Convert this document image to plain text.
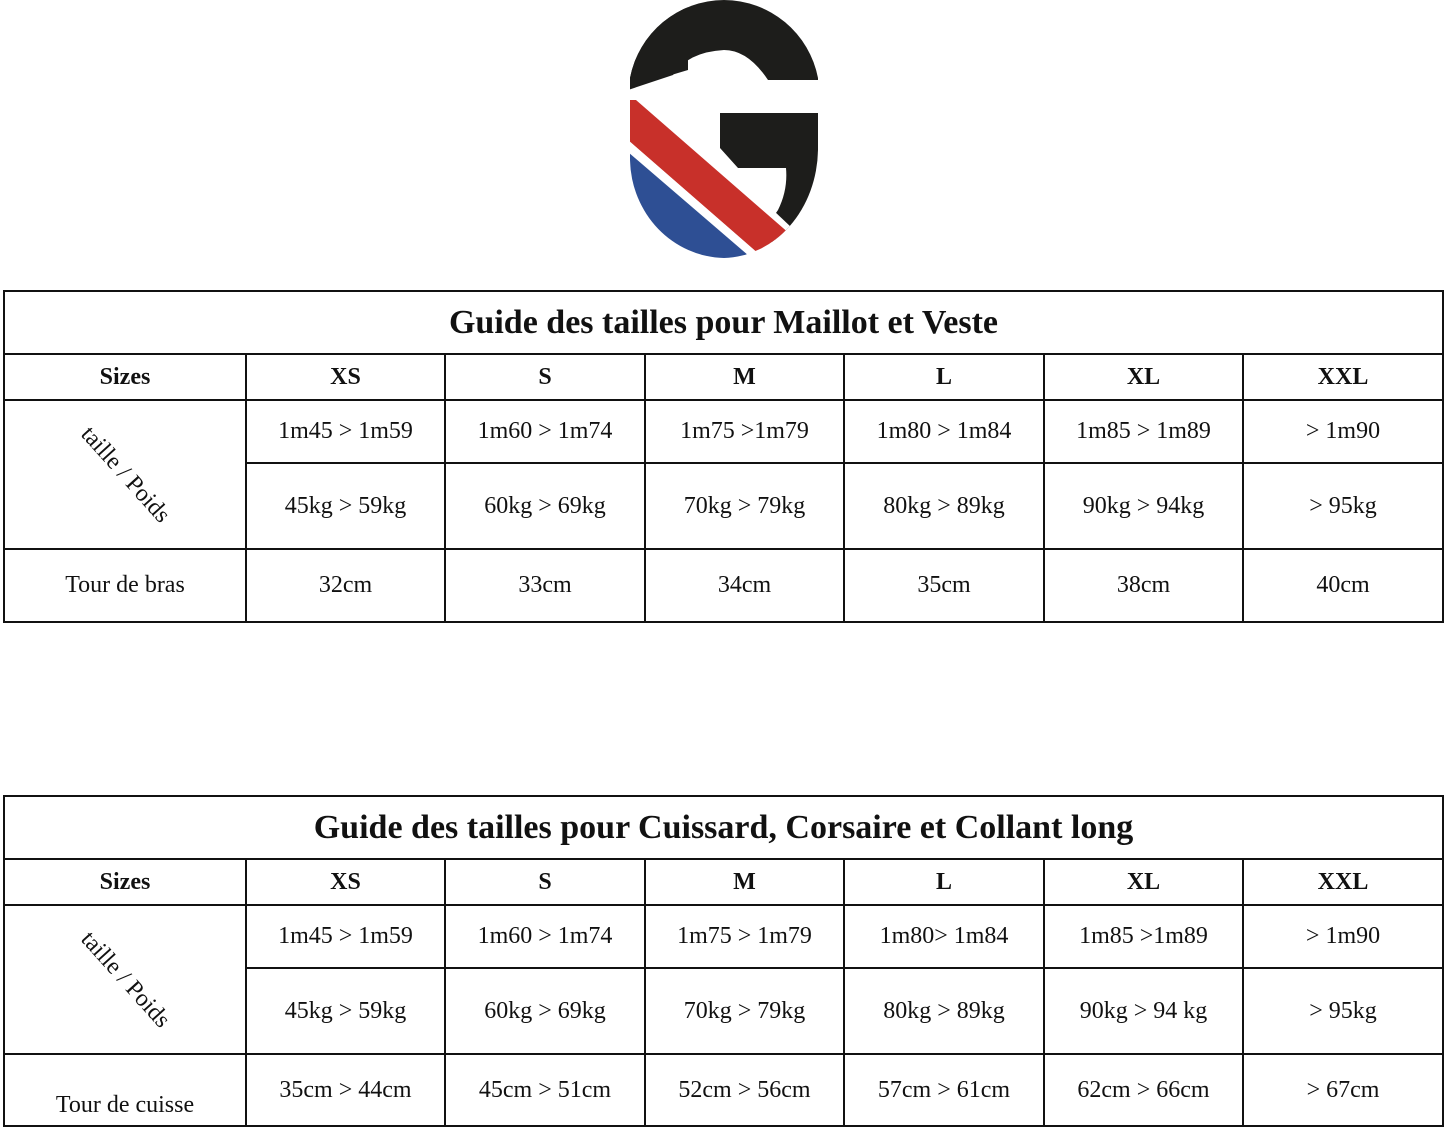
Guide des tailles pour Maillot et Veste						
Sizes	XS	S	M	L	XL	XXL

taille / Poids	1m45 > 1m59	1m60 > 1m74	1m75 >1m79	1m80 > 1m84	1m85 > 1m89	> 1m90
	45kg > 59kg	60kg > 69kg	70kg > 79kg	80kg > 89kg	90kg > 94kg	> 95kg
Tour de bras	32cm	33cm	34cm	35cm	38cm	40cm
Guide des tailles pour Cuissard, Corsaire et Collant long						
Sizes	XS	S	M	L	XL	XXL

taille / Poids	1m45 > 1m59	1m60 > 1m74	1m75 > 1m79	1m80> 1m84	1m85 >1m89	> 1m90
	45kg > 59kg	60kg > 69kg	70kg > 79kg	80kg > 89kg	90kg > 94 kg	> 95kg
Tour de cuisse	35cm > 44cm	45cm > 51cm	52cm > 56cm	57cm > 61cm	62cm > 66cm	> 67cm
